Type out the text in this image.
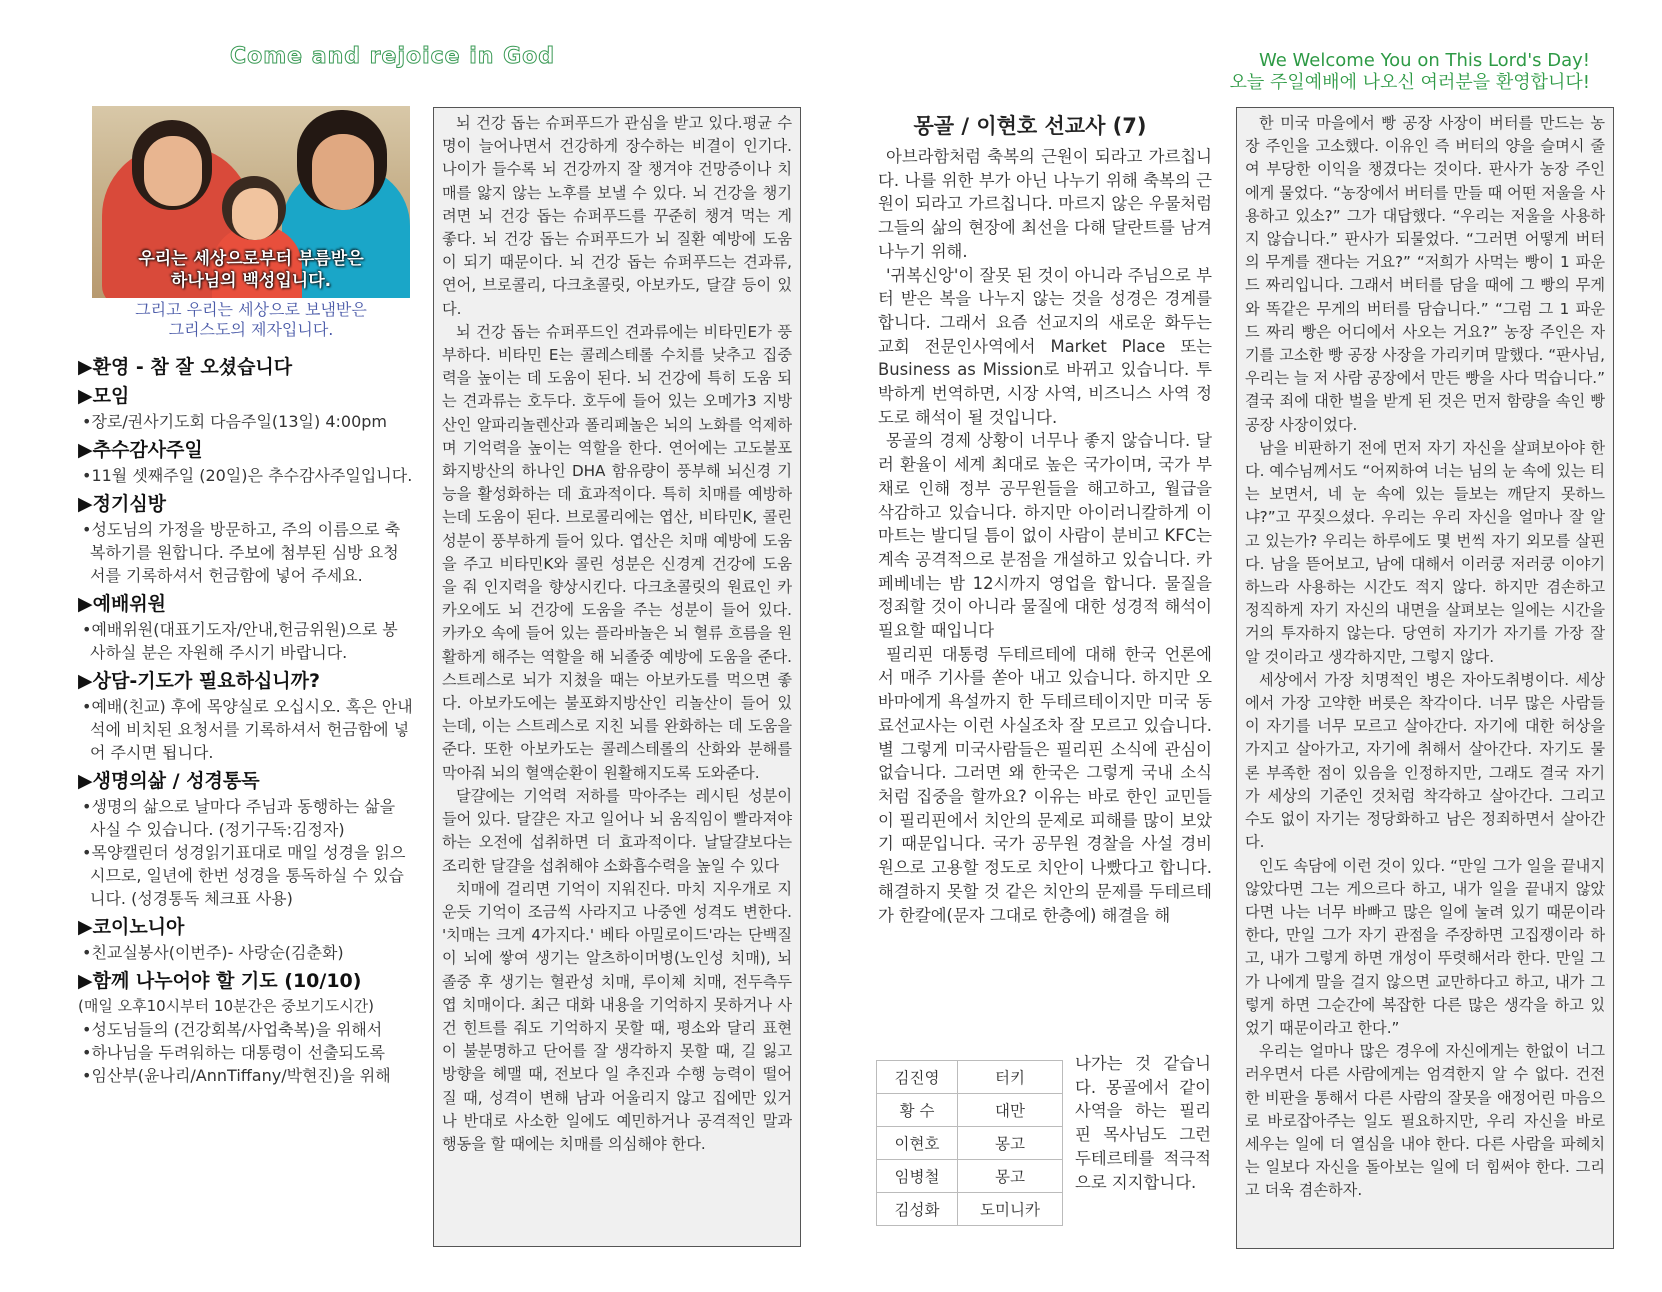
Come and rejoice in God	We Welcome You on This Lord's Day!
오늘 주일예배에 나오신 여러분을 환영합니다!
우리는 세상으로부터 부름받은
하나님의 백성입니다.
그리고 우리는 세상으로 보냄받은
그리스도의 제자입니다.
▶환영 - 참 잘 오셨습니다
▶모임
•장로/권사기도회 다음주일(13일) 4:00pm
▶추수감사주일
•11월 셋째주일 (20일)은 추수감사주일입니다.
▶정기심방
•성도님의 가정을 방문하고, 주의 이름으로 축복하기를 원합니다. 주보에 첨부된 심방 요청서를 기록하셔서 헌금함에 넣어 주세요.
▶예배위원
•예배위원(대표기도자/안내,헌금위원)으로 봉사하실 분은 자원해 주시기 바랍니다.
▶상담-기도가 필요하십니까?
•예배(친교) 후에 목양실로 오십시오. 혹은 안내석에 비치된 요청서를 기록하셔서 헌금함에 넣어 주시면 됩니다.
▶생명의삶 / 성경통독
•생명의 삶으로 날마다 주님과 동행하는 삶을 사실 수 있습니다. (정기구독:김정자)
•목양캘린더 성경읽기표대로 매일 성경을 읽으시므로, 일년에 한번 성경을 통독하실 수 있습니다. (성경통독 체크표 사용)
▶코이노니아
•친교실봉사(이번주)- 사랑순(김춘화)
▶함께 나누어야 할 기도 (10/10)
(매일 오후10시부터 10분간은 중보기도시간)
•성도님들의 (건강회복/사업축복)을 위해서
•하나님을 두려워하는 대통령이 선출되도록
•임산부(윤나리/AnnTiffany/박현진)을 위해

뇌 건강 돕는 슈퍼푸드가 관심을 받고 있다.평균 수명이 늘어나면서 건강하게 장수하는 비결이 인기다. 나이가 들수록 뇌 건강까지 잘 챙겨야 건망증이나 치매를 앓지 않는 노후를 보낼 수 있다. 뇌 건강을 챙기려면 뇌 건강 돕는 슈퍼푸드를 꾸준히 챙겨 먹는 게 좋다. 뇌 건강 돕는 슈퍼푸드가 뇌 질환 예방에 도움이 되기 때문이다. 뇌 건강 돕는 슈퍼푸드는 견과류, 연어, 브로콜리, 다크초콜릿, 아보카도, 달걀 등이 있다.

뇌 건강 돕는 슈퍼푸드인 견과류에는 비타민E가 풍부하다. 비타민 E는 콜레스테롤 수치를 낮추고 집중력을 높이는 데 도움이 된다. 뇌 건강에 특히 도움 되는 견과류는 호두다. 호두에 들어 있는 오메가3 지방산인 알파리놀렌산과 폴리페놀은 뇌의 노화를 억제하며 기억력을 높이는 역할을 한다. 연어에는 고도불포화지방산의 하나인 DHA 함유량이 풍부해 뇌신경 기능을 활성화하는 데 효과적이다. 특히 치매를 예방하는데 도움이 된다. 브로콜리에는 엽산, 비타민K, 콜린 성분이 풍부하게 들어 있다. 엽산은 치매 예방에 도움을 주고 비타민K와 콜린 성분은 신경계 건강에 도움을 줘 인지력을 향상시킨다. 다크초콜릿의 원료인 카카오에도 뇌 건강에 도움을 주는 성분이 들어 있다. 카카오 속에 들어 있는 플라바놀은 뇌 혈류 흐름을 원활하게 해주는 역할을 해 뇌졸중 예방에 도움을 준다. 스트레스로 뇌가 지쳤을 때는 아보카도를 먹으면 좋다. 아보카도에는 불포화지방산인 리놀산이 들어 있는데, 이는 스트레스로 지친 뇌를 완화하는 데 도움을 준다. 또한 아보카도는 콜레스테롤의 산화와 분해를 막아줘 뇌의 혈액순환이 원활해지도록 도와준다.

달걀에는 기억력 저하를 막아주는 레시틴 성분이 들어 있다. 달걀은 자고 일어나 뇌 움직임이 빨라져야 하는 오전에 섭취하면 더 효과적이다. 날달걀보다는 조리한 달걀을 섭취해야 소화흡수력을 높일 수 있다

치매에 걸리면 기억이 지워진다. 마치 지우개로 지운듯 기억이 조금씩 사라지고 나중엔 성격도 변한다. '치매는 크게 4가지다.' 베타 아밀로이드'라는 단백질이 뇌에 쌓여 생기는 알츠하이머병(노인성 치매), 뇌졸중 후 생기는 혈관성 치매, 루이체 치매, 전두측두엽 치매이다. 최근 대화 내용을 기억하지 못하거나 사건 힌트를 줘도 기억하지 못할 때, 평소와 달리 표현이 불분명하고 단어를 잘 생각하지 못할 때, 길 잃고 방향을 헤맬 때, 전보다 일 추진과 수행 능력이 떨어질 때, 성격이 변해 남과 어울리지 않고 집에만 있거나 반대로 사소한 일에도 예민하거나 공격적인 말과 행동을 할 때에는 치매를 의심해야 한다.

몽골 / 이현호 선교사 (7)

아브라함처럼 축복의 근원이 되라고 가르칩니다. 나를 위한 부가 아닌 나누기 위해 축복의 근원이 되라고 가르칩니다. 마르지 않은 우물처럼 그들의 삶의 현장에 최선을 다해 달란트를 남겨 나누기 위해.

'귀복신앙'이 잘못 된 것이 아니라 주님으로 부터 받은 복을 나누지 않는 것을 성경은 경계를 합니다. 그래서 요즘 선교지의 새로운 화두는 교회 전문인사역에서 Market Place 또는 Business as Mission로 바뀌고 있습니다. 투박하게 번역하면, 시장 사역, 비즈니스 사역 정도로 해석이 될 것입니다.

몽골의 경제 상황이 너무나 좋지 않습니다. 달러 환율이 세계 최대로 높은 국가이며, 국가 부채로 인해 정부 공무원들을 해고하고, 월급을 삭감하고 있습니다. 하지만 아이러니칼하게 이마트는 발디딜 틈이 없이 사람이 분비고 KFC는 계속 공격적으로 분점을 개설하고 있습니다. 카페베네는 밤 12시까지 영업을 합니다. 물질을 정죄할 것이 아니라 물질에 대한 성경적 해석이 필요할 때입니다

필리핀 대통령 두테르테에 대해 한국 언론에서 매주 기사를 쏟아 내고 있습니다. 하지만 오바마에게 욕설까지 한 두테르테이지만 미국 동료선교사는 이런 사실조차 잘 모르고 있습니다. 별 그렇게 미국사람들은 필리핀 소식에 관심이 없습니다. 그러면 왜 한국은 그렇게 국내 소식처럼 집중을 할까요? 이유는 바로 한인 교민들이 필리핀에서 치안의 문제로 피해를 많이 보았기 때문입니다. 국가 공무원 경찰을 사설 경비원으로 고용할 정도로 치안이 나빴다고 합니다. 해결하지 못할 것 같은 치안의 문제를 두테르테가 한칼에(문자 그대로 한층에) 해결을 해

김진영	터키
황 수	대만
이현호	몽고
임병철	몽고
김성화	도미니카
나가는 것 같습니다. 몽골에서 같이 사역을 하는 필리핀 목사님도 그런 두테르테를 적극적으로 지지합니다.

한 미국 마을에서 빵 공장 사장이 버터를 만드는 농장 주인을 고소했다. 이유인 즉 버터의 양을 슬며시 줄여 부당한 이익을 챙겼다는 것이다. 판사가 농장 주인에게 물었다. “농장에서 버터를 만들 때 어떤 저울을 사용하고 있소?” 그가 대답했다. “우리는 저울을 사용하지 않습니다.” 판사가 되물었다. “그러면 어떻게 버터의 무게를 잰다는 거요?” “저희가 사먹는 빵이 1 파운드 짜리입니다. 그래서 버터를 담을 때에 그 빵의 무게와 똑같은 무게의 버터를 담습니다.” “그럼 그 1 파운드 짜리 빵은 어디에서 사오는 거요?” 농장 주인은 자기를 고소한 빵 공장 사장을 가리키며 말했다. “판사님, 우리는 늘 저 사람 공장에서 만든 빵을 사다 먹습니다.” 결국 죄에 대한 벌을 받게 된 것은 먼저 함량을 속인 빵 공장 사장이었다.

남을 비판하기 전에 먼저 자기 자신을 살펴보아야 한다. 예수님께서도 “어찌하여 너는 님의 눈 속에 있는 티는 보면서, 네 눈 속에 있는 들보는 깨닫지 못하느냐?”고 꾸짖으셨다. 우리는 우리 자신을 얼마나 잘 알고 있는가? 우리는 하루에도 몇 번씩 자기 외모를 살핀다. 남을 뜯어보고, 남에 대해서 이러쿵 저러쿵 이야기하느라 사용하는 시간도 적지 않다. 하지만 겸손하고 정직하게 자기 자신의 내면을 살펴보는 일에는 시간을 거의 투자하지 않는다. 당연히 자기가 자기를 가장 잘 알 것이라고 생각하지만, 그렇지 않다.

세상에서 가장 치명적인 병은 자아도취병이다. 세상에서 가장 고약한 버릇은 착각이다. 너무 많은 사람들이 자기를 너무 모르고 살아간다. 자기에 대한 허상을 가지고 살아가고, 자기에 취해서 살아간다. 자기도 물론 부족한 점이 있음을 인정하지만, 그래도 결국 자기가 세상의 기준인 것처럼 착각하고 살아간다. 그리고 수도 없이 자기는 정당화하고 남은 정죄하면서 살아간다.

인도 속담에 이런 것이 있다. “만일 그가 일을 끝내지 않았다면 그는 게으르다 하고, 내가 일을 끝내지 않았다면 나는 너무 바빠고 많은 일에 눌려 있기 때문이라 한다, 만일 그가 자기 관점을 주장하면 고집쟁이라 하고, 내가 그렇게 하면 개성이 뚜렷해서라 한다. 만일 그가 나에게 말을 걸지 않으면 교만하다고 하고, 내가 그렇게 하면 그순간에 복잡한 다른 많은 생각을 하고 있었기 때문이라고 한다.”

우리는 얼마나 많은 경우에 자신에게는 한없이 너그러우면서 다른 사람에게는 엄격한지 알 수 없다. 건전한 비판을 통해서 다른 사람의 잘못을 애정어린 마음으로 바로잡아주는 일도 필요하지만, 우리 자신을 바로 세우는 일에 더 열심을 내야 한다. 다른 사람을 파헤치는 일보다 자신을 돌아보는 일에 더 힘써야 한다. 그리고 더욱 겸손하자.
